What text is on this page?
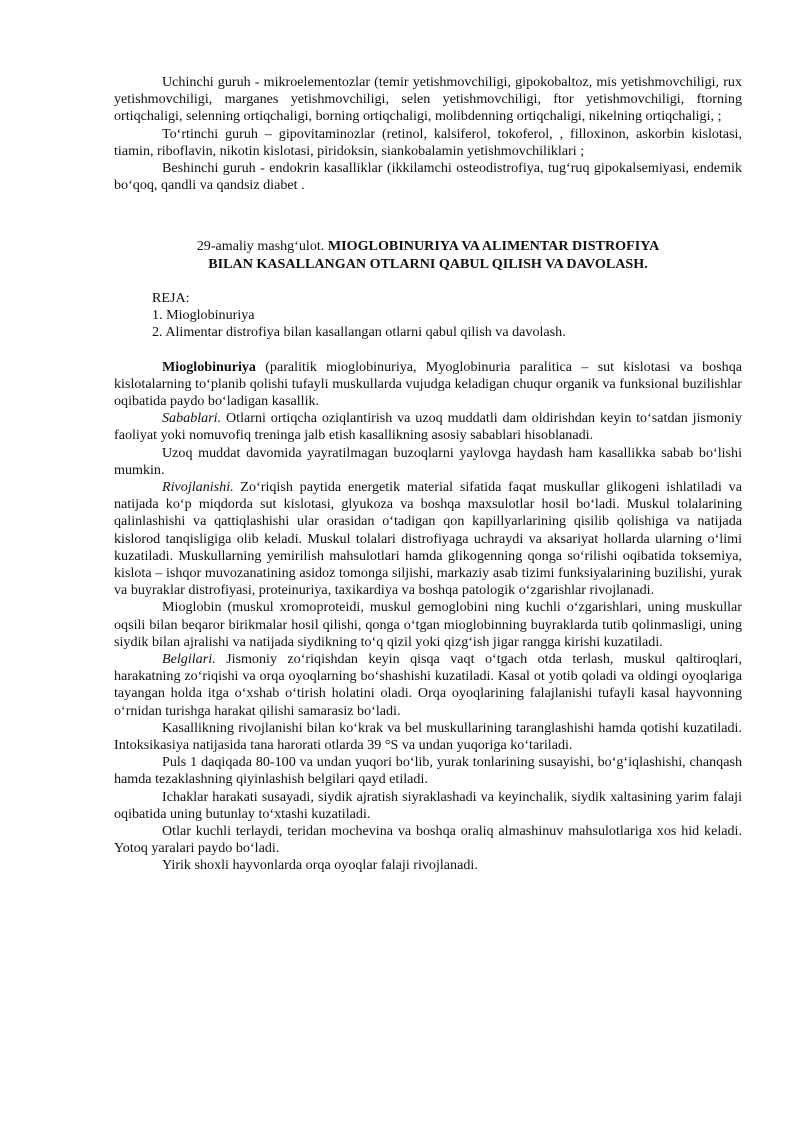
Uchinchi guruh - mikroelementozlar (temir yetishmovchiligi, gipokobaltoz, mis yetishmovchiligi, rux yetishmovchiligi, marganes yetishmovchiligi, selen yetishmovchiligi, ftor yetishmovchiligi, ftorning ortiqchaligi, selenning ortiqchaligi, borning ortiqchaligi, molibdenning ortiqchaligi, nikelning ortiqchaligi, ;

To‘rtinchi guruh – gipovitaminozlar (retinol, kalsiferol, tokoferol, , filloxinon, askorbin kislotasi, tiamin, riboflavin, nikotin kislotasi, piridoksin, siankobalamin yetishmovchiliklari ;

Beshinchi guruh - endokrin kasalliklar (ikkilamchi osteodistrofiya, tug‘ruq gipokalsemiyasi, endemik bo‘qoq, qandli va qandsiz diabet .

29-amaliy mashg‘ulot. MIOGLOBINURIYA VA ALIMENTAR DISTROFIYA
BILAN KASALLANGAN OTLARNI QABUL QILISH VA DAVOLASH.

REJA:

1. Mioglobinuriya

2. Alimentar distrofiya bilan kasallangan otlarni qabul qilish va davolash.

Mioglobinuriya (paralitik mioglobinuriya, Myoglobinuria paralitica – sut kislotasi va boshqa kislotalarning to‘planib qolishi tufayli muskullarda vujudga keladigan chuqur organik va funksional buzilishlar oqibatida paydo bo‘ladigan kasallik.

Sabablari. Otlarni ortiqcha oziqlantirish va uzoq muddatli dam oldirishdan keyin to‘satdan jismoniy faoliyat yoki nomuvofiq treninga jalb etish kasallikning asosiy sabablari hisoblanadi.

Uzoq muddat davomida yayratilmagan buzoqlarni yaylovga haydash ham kasallikka sabab bo‘lishi mumkin.

Rivojlanishi. Zo‘riqish paytida energetik material sifatida faqat muskullar glikogeni ishlatiladi va natijada ko‘p miqdorda sut kislotasi, glyukoza va boshqa maxsulotlar hosil bo‘ladi. Muskul tolalarining qalinlashishi va qattiqlashishi ular orasidan o‘tadigan qon kapillyarlarining qisilib qolishiga va natijada kislorod tanqisligiga olib keladi. Muskul tolalari distrofiyaga uchraydi va aksariyat hollarda ularning o‘limi kuzatiladi. Muskullarning yemirilish mahsulotlari hamda glikogenning qonga so‘rilishi oqibatida toksemiya, kislota – ishqor muvozanatining asidoz tomonga siljishi, markaziy asab tizimi funksiyalarining buzilishi, yurak va buyraklar distrofiyasi, proteinuriya, taxikardiya va boshqa patologik o‘zgarishlar rivojlanadi.

Mioglobin (muskul xromoproteidi, muskul gemoglobini ning kuchli o‘zgarishlari, uning muskullar oqsili bilan beqaror birikmalar hosil qilishi, qonga o‘tgan mioglobinning buyraklarda tutib qolinmasligi, uning siydik bilan ajralishi va natijada siydikning to‘q qizil yoki qizg‘ish jigar rangga kirishi kuzatiladi.

Belgilari. Jismoniy zo‘riqishdan keyin qisqa vaqt o‘tgach otda terlash, muskul qaltiroqlari, harakatning zo‘riqishi va orqa oyoqlarning bo‘shashishi kuzatiladi. Kasal ot yotib qoladi va oldingi oyoqlariga tayangan holda itga o‘xshab o‘tirish holatini oladi. Orqa oyoqlarining falajlanishi tufayli kasal hayvonning o‘rnidan turishga harakat qilishi samarasiz bo‘ladi.

Kasallikning rivojlanishi bilan ko‘krak va bel muskullarining taranglashishi hamda qotishi kuzatiladi. Intoksikasiya natijasida tana harorati otlarda 39 °S va undan yuqoriga ko‘tariladi.

Puls 1 daqiqada 80-100 va undan yuqori bo‘lib, yurak tonlarining susayishi, bo‘g‘iqlashishi, chanqash hamda tezaklashning qiyinlashish belgilari qayd etiladi.

Ichaklar harakati susayadi, siydik ajratish siyraklashadi va keyinchalik, siydik xaltasining yarim falaji oqibatida uning butunlay to‘xtashi kuzatiladi.

Otlar kuchli terlaydi, teridan mochevina va boshqa oraliq almashinuv mahsulotlariga xos hid keladi. Yotoq yaralari paydo bo‘ladi.

Yirik shoxli hayvonlarda orqa oyoqlar falaji rivojlanadi.
